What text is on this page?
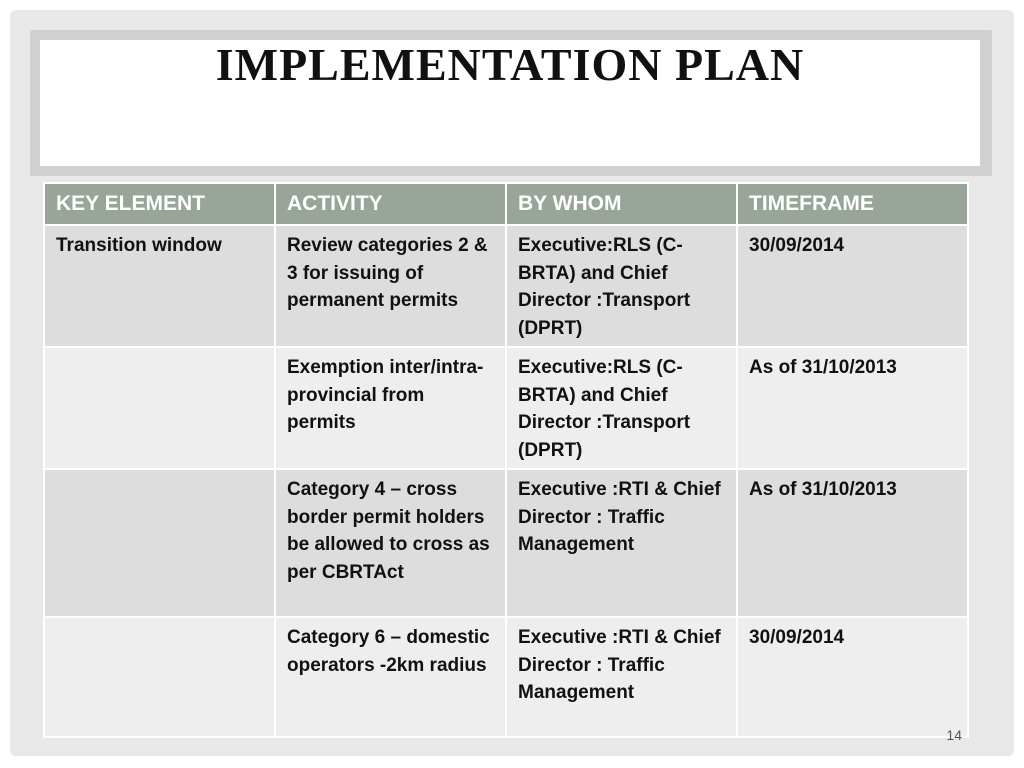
IMPLEMENTATION PLAN
KEY ELEMENT	ACTIVITY	BY WHOM	TIMEFRAME
Transition window	Review categories 2 & 3 for issuing of permanent permits	Executive:RLS (C-BRTA) and Chief Director :Transport (DPRT)	30/09/2014
	Exemption inter/intra-provincial from permits	Executive:RLS (C-BRTA) and Chief Director :Transport (DPRT)	As of 31/10/2013
	Category 4 – cross border permit holders be allowed to cross as per CBRTAct	Executive :RTI & Chief Director : Traffic Management	As of 31/10/2013
	Category 6 – domestic operators -2km radius	Executive :RTI & Chief Director : Traffic Management	30/09/2014
14
